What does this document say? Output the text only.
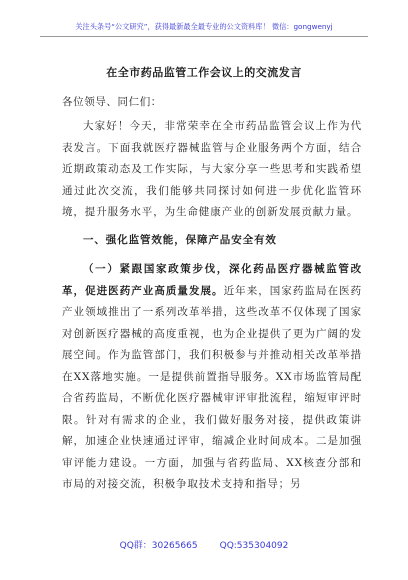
关注头条号“公文研究”，获得最新最全最专业的公文资料库！ 微信：gongwenyj
在全市药品监管工作会议上的交流发言
各位领导、同仁们：

大家好！今天，非常荣幸在全市药品监管会议上作为代表发言。下面我就医疗器械监管与企业服务两个方面，结合近期政策动态及工作实际，与大家分享一些思考和实践希望通过此次交流，我们能够共同探讨如何进一步优化监管环境，提升服务水平，为生命健康产业的创新发展贡献力量。

一、强化监管效能，保障产品安全有效

（一）紧跟国家政策步伐，深化药品医疗器械监管改革，促进医药产业高质量发展。近年来，国家药监局在医药产业领域推出了一系列改革举措，这些改革不仅体现了国家对创新医疗器械的高度重视，也为企业提供了更为广阔的发展空间。作为监管部门，我们积极参与并推动相关改革举措在XX落地实施。一是提供前置指导服务。XX市场监管局配合省药监局，不断优化医疗器械审评审批流程，缩短审评时限。针对有需求的企业，我们做好服务对接，提供政策讲解，加速企业快速通过评审，缩减企业时间成本。二是加强审评能力建设。一方面，加强与省药监局、XX核查分部和市局的对接交流，积极争取技术支持和指导；另

QQ群：30265665 QQ:535304092
